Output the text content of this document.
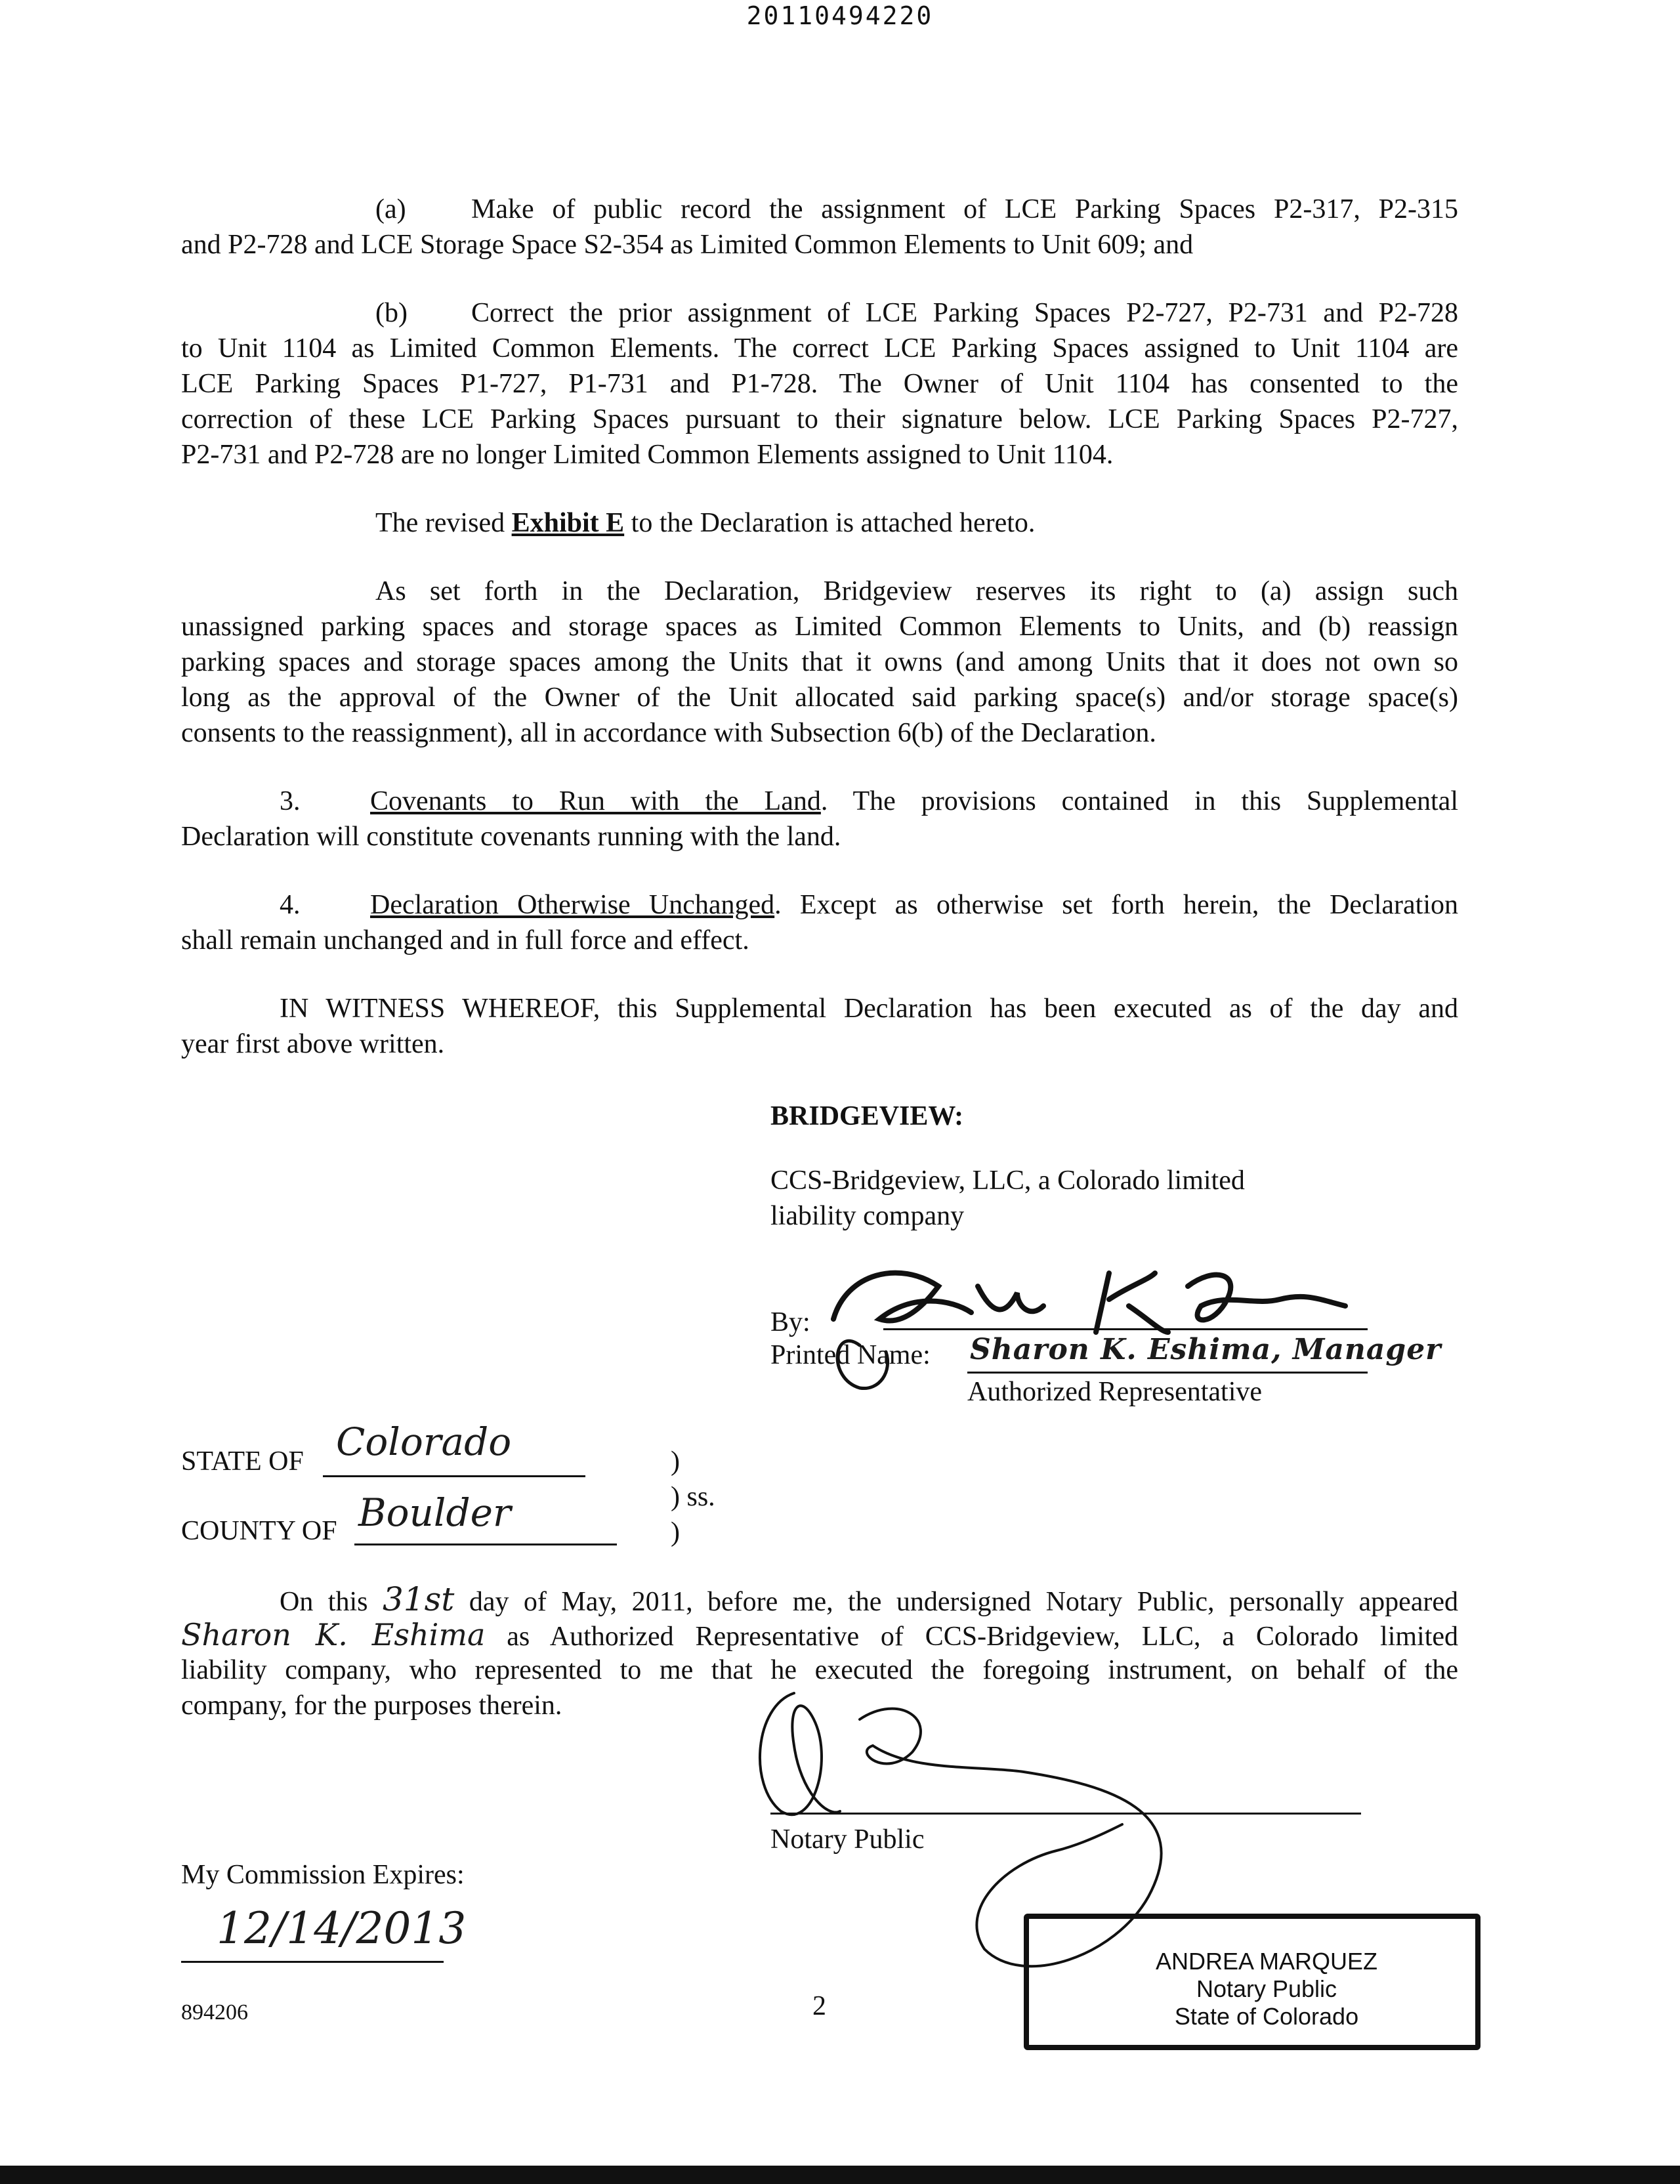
20110494220
(a) Make of public record the assignment of LCE Parking Spaces P2-317, P2-315
and P2-728 and LCE Storage Space S2-354 as Limited Common Elements to Unit 609; and
(b) Correct the prior assignment of LCE Parking Spaces P2-727, P2-731 and P2-728
to Unit 1104 as Limited Common Elements. The correct LCE Parking Spaces assigned to Unit 1104 are
LCE Parking Spaces P1-727, P1-731 and P1-728. The Owner of Unit 1104 has consented to the
correction of these LCE Parking Spaces pursuant to their signature below. LCE Parking Spaces P2-727,
P2-731 and P2-728 are no longer Limited Common Elements assigned to Unit 1104.
The revised Exhibit E to the Declaration is attached hereto.
As set forth in the Declaration, Bridgeview reserves its right to (a) assign such
unassigned parking spaces and storage spaces as Limited Common Elements to Units, and (b) reassign
parking spaces and storage spaces among the Units that it owns (and among Units that it does not own so
long as the approval of the Owner of the Unit allocated said parking space(s) and/or storage space(s)
consents to the reassignment), all in accordance with Subsection 6(b) of the Declaration.
3.	Covenants to Run with the Land. The provisions contained in this Supplemental
Declaration will constitute covenants running with the land.
4.	Declaration Otherwise Unchanged. Except as otherwise set forth herein, the Declaration
shall remain unchanged and in full force and effect.
IN WITNESS WHEREOF, this Supplemental Declaration has been executed as of the day and
year first above written.
BRIDGEVIEW:
CCS-Bridgeview, LLC, a Colorado limited
liability company
By:
Printed Name: Sharon K. Eshima, Manager
Authorized Representative
STATE OF Colorado
COUNTY OF Boulder
)
) ss.
)
On this 31st day of May, 2011, before me, the undersigned Notary Public, personally appeared
Sharon K. Eshima as Authorized Representative of CCS-Bridgeview, LLC, a Colorado limited
liability company, who represented to me that he executed the foregoing instrument, on behalf of the
company, for the purposes therein.
Notary Public
My Commission Expires:
12/14/2013
ANDREA MARQUEZ
Notary Public
State of Colorado
894206	2
